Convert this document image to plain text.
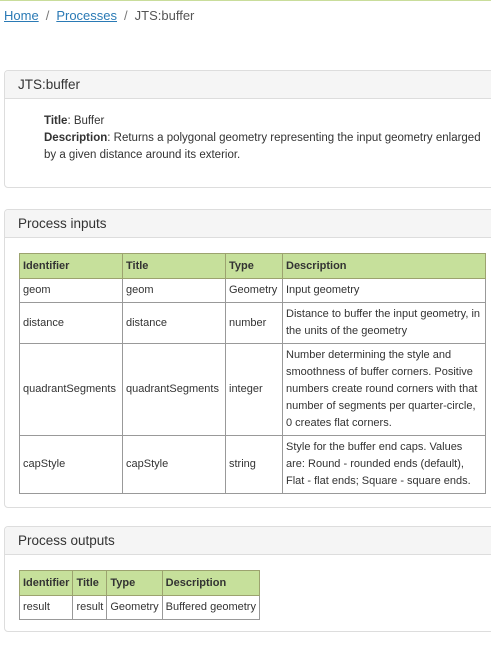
Home / Processes / JTS:buffer
JTS:buffer

Title: Buffer

Description: Returns a polygonal geometry representing the input geometry enlarged by a given distance around its exterior.

Process inputs
Identifier	Title	Type	Description
geom	geom	Geometry	Input geometry
distance	distance	number	Distance to buffer the input geometry, in the units of the geometry
quadrantSegments	quadrantSegments	integer	Number determining the style and smoothness of buffer corners. Positive numbers create round corners with that number of segments per quarter-circle, 0 creates flat corners.
capStyle	capStyle	string	Style for the buffer end caps. Values are: Round - rounded ends (default), Flat - flat ends; Square - square ends.
Process outputs
Identifier	Title	Type	Description
result	result	Geometry	Buffered geometry
